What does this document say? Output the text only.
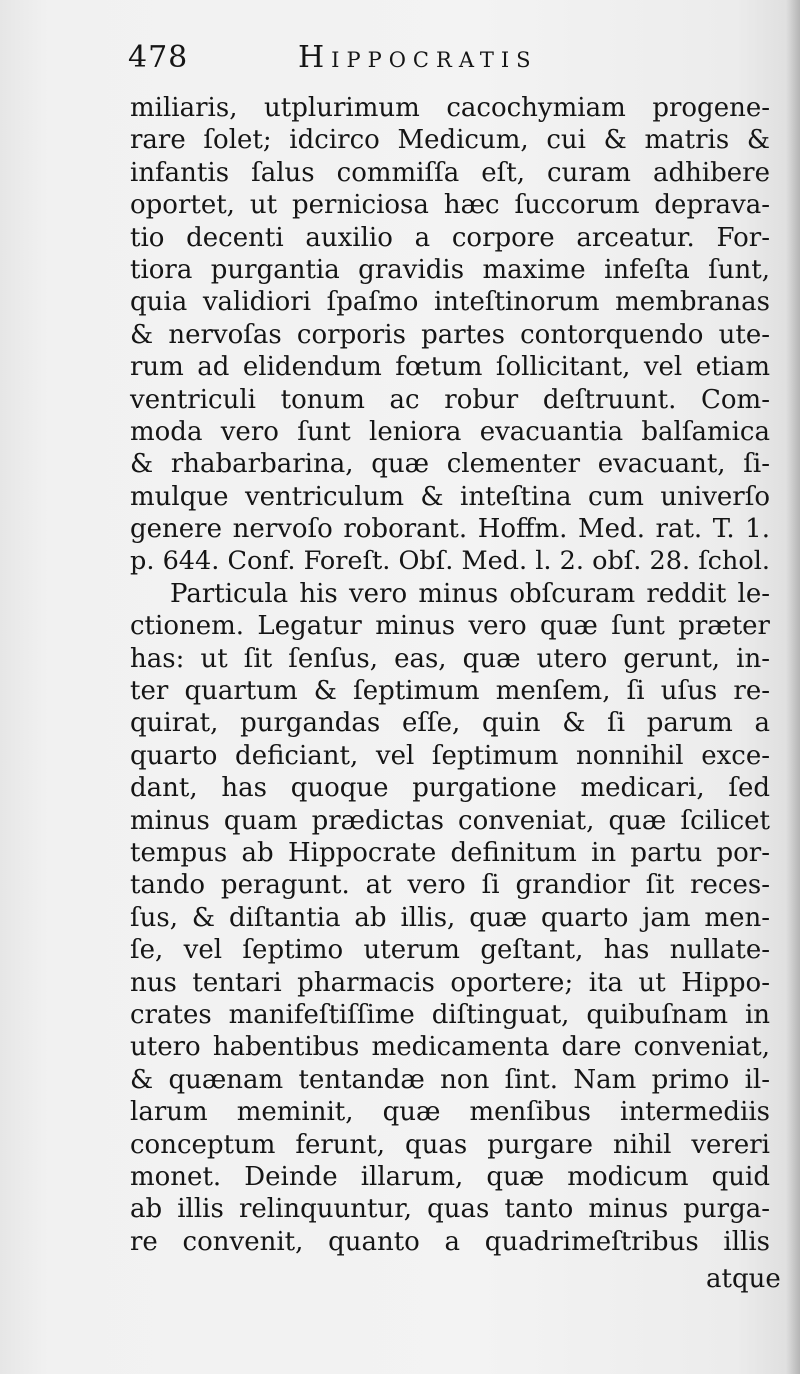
478	Hippocratis
miliaris, utplurimum cacochymiam progene-
rare ſolet; idcirco Medicum, cui & matris &
infantis ſalus commiſſa eſt, curam adhibere
oportet, ut perniciosa hæc ſuccorum deprava-
tio decenti auxilio a corpore arceatur. For-
tiora purgantia gravidis maxime infeſta ſunt,
quia validiori ſpaſmo inteſtinorum membranas
& nervoſas corporis partes contorquendo ute-
rum ad elidendum fœtum ſollicitant, vel etiam
ventriculi tonum ac robur deſtruunt. Com-
moda vero ſunt leniora evacuantia balſamica
& rhabarbarina, quæ clementer evacuant, ſi-
mulque ventriculum & inteſtina cum univerſo
genere nervoſo roborant. Hoffm. Med. rat. T. 1.
p. 644. Conf. Foreſt. Obſ. Med. l. 2. obſ. 28. ſchol.
Particula his vero minus obſcuram reddit le-
ctionem. Legatur minus vero quæ ſunt præter
has: ut ſit ſenſus, eas, quæ utero gerunt, in-
ter quartum & ſeptimum menſem, ſi uſus re-
quirat, purgandas eſſe, quin & ſi parum a
quarto deficiant, vel ſeptimum nonnihil exce-
dant, has quoque purgatione medicari, ſed
minus quam prædictas conveniat, quæ ſcilicet
tempus ab Hippocrate definitum in partu por-
tando peragunt. at vero ſi grandior ſit reces-
ſus, & diſtantia ab illis, quæ quarto jam men-
ſe, vel ſeptimo uterum geſtant, has nullate-
nus tentari pharmacis oportere; ita ut Hippo-
crates manifeſtiſſime diſtinguat, quibuſnam in
utero habentibus medicamenta dare conveniat,
& quænam tentandæ non ſint. Nam primo il-
larum meminit, quæ menſibus intermediis
conceptum ferunt, quas purgare nihil vereri
monet. Deinde illarum, quæ modicum quid
ab illis relinquuntur, quas tanto minus purga-
re convenit, quanto a quadrimeſtribus illis
atque
